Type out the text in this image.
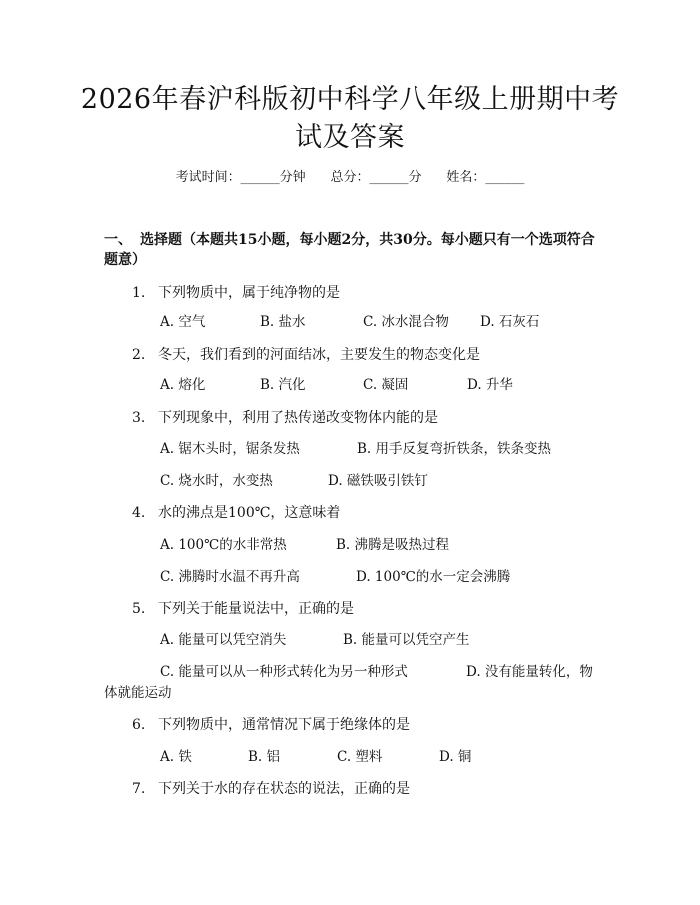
2026年春沪科版初中科学八年级上册期中考
试及答案
考试时间：______分钟 总分：______分 姓名：______
一、 选择题（本题共15小题，每小题2分，共30分。每小题只有一个选项符合
题意）
1. 下列物质中，属于纯净物的是
A. 空气	B. 盐水	C. 冰水混合物 D. 石灰石
2. 冬天，我们看到的河面结冰，主要发生的物态变化是
A. 熔化	B. 汽化	C. 凝固	D. 升华
3. 下列现象中，利用了热传递改变物体内能的是
A. 锯木头时，锯条发热	B. 用手反复弯折铁条，铁条变热
C. 烧水时，水变热	D. 磁铁吸引铁钉
4. 水的沸点是100℃，这意味着
A. 100℃的水非常热	B. 沸腾是吸热过程
C. 沸腾时水温不再升高	D. 100℃的水一定会沸腾
5. 下列关于能量说法中，正确的是
A. 能量可以凭空消失	B. 能量可以凭空产生
C. 能量可以从一种形式转化为另一种形式	D. 没有能量转化，物
体就能运动
6. 下列物质中，通常情况下属于绝缘体的是
A. 铁	B. 铝	C. 塑料	D. 铜
7. 下列关于水的存在状态的说法，正确的是
